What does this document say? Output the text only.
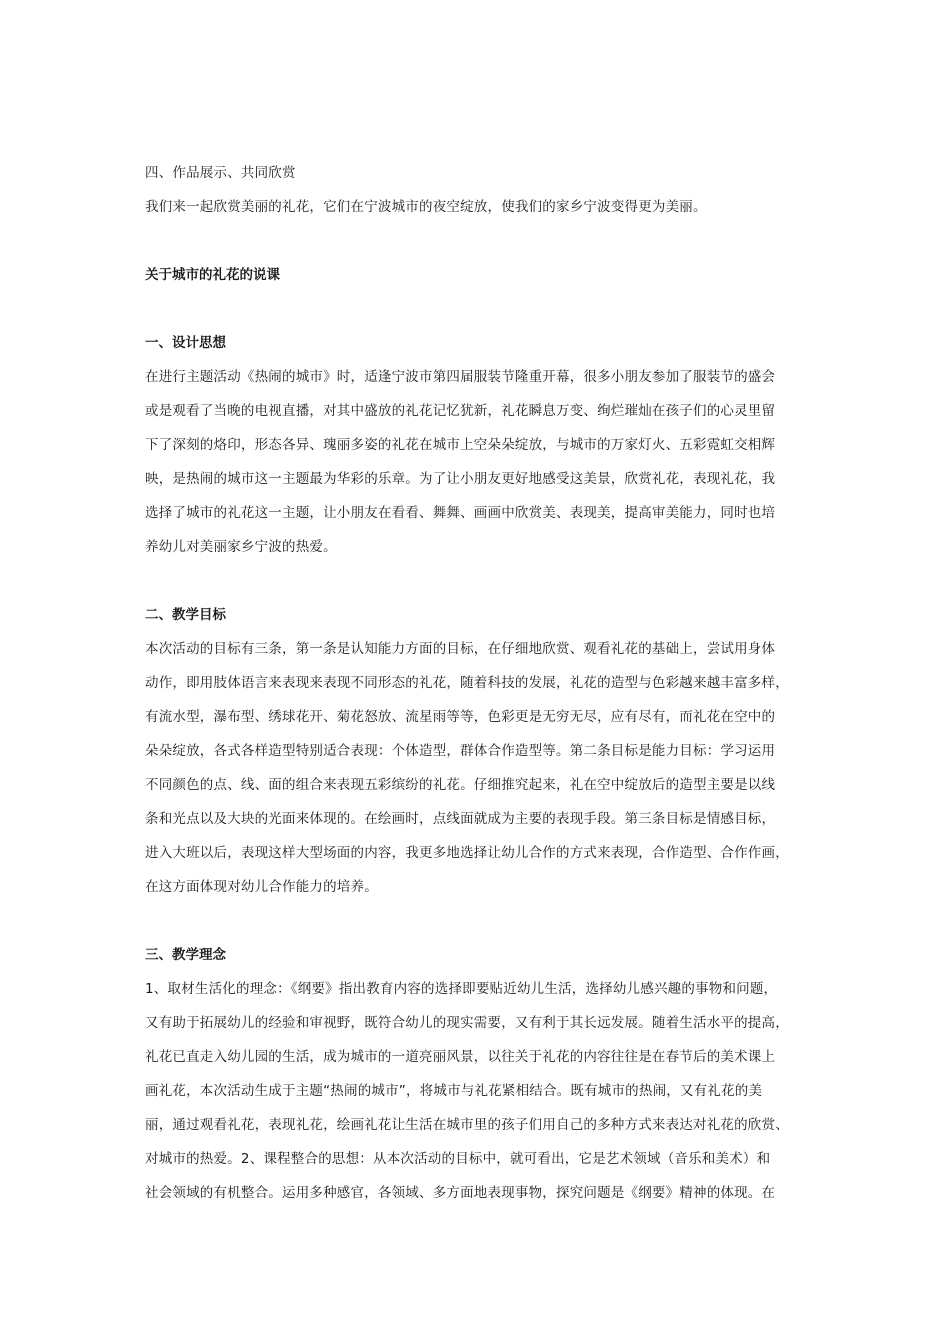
四、作品展示、共同欣赏
我们来一起欣赏美丽的礼花，它们在宁波城市的夜空绽放，使我们的家乡宁波变得更为美丽。
关于城市的礼花的说课
一、设计思想
在进行主题活动《热闹的城市》时，适逢宁波市第四届服装节隆重开幕，很多小朋友参加了服装节的盛会
或是观看了当晚的电视直播，对其中盛放的礼花记忆犹新，礼花瞬息万变、绚烂璀灿在孩子们的心灵里留
下了深刻的烙印，形态各异、瑰丽多姿的礼花在城市上空朵朵绽放，与城市的万家灯火、五彩霓虹交相辉
映，是热闹的城市这一主题最为华彩的乐章。为了让小朋友更好地感受这美景，欣赏礼花，表现礼花，我
选择了城市的礼花这一主题，让小朋友在看看、舞舞、画画中欣赏美、表现美，提高审美能力，同时也培
养幼儿对美丽家乡宁波的热爱。
二、教学目标
本次活动的目标有三条，第一条是认知能力方面的目标，在仔细地欣赏、观看礼花的基础上，尝试用身体
动作，即用肢体语言来表现来表现不同形态的礼花，随着科技的发展，礼花的造型与色彩越来越丰富多样，
有流水型，瀑布型、绣球花开、菊花怒放、流星雨等等，色彩更是无穷无尽，应有尽有，而礼花在空中的
朵朵绽放，各式各样造型特别适合表现：个体造型，群体合作造型等。第二条目标是能力目标：学习运用
不同颜色的点、线、面的组合来表现五彩缤纷的礼花。仔细推究起来，礼在空中绽放后的造型主要是以线
条和光点以及大块的光面来体现的。在绘画时，点线面就成为主要的表现手段。第三条目标是情感目标，
进入大班以后，表现这样大型场面的内容，我更多地选择让幼儿合作的方式来表现，合作造型、合作作画，
在这方面体现对幼儿合作能力的培养。
三、教学理念
1、取材生活化的理念：《纲要》指出教育内容的选择即要贴近幼儿生活，选择幼儿感兴趣的事物和问题，
又有助于拓展幼儿的经验和审视野，既符合幼儿的现实需要，又有利于其长远发展。随着生活水平的提高，
礼花已直走入幼儿园的生活，成为城市的一道亮丽风景，以往关于礼花的内容往往是在春节后的美术课上
画礼花，本次活动生成于主题“热闹的城市”，将城市与礼花紧相结合。既有城市的热闹，又有礼花的美
丽，通过观看礼花，表现礼花，绘画礼花让生活在城市里的孩子们用自己的多种方式来表达对礼花的欣赏、
对城市的热爱。2、课程整合的思想：从本次活动的目标中，就可看出，它是艺术领域（音乐和美术）和
社会领域的有机整合。运用多种感官，各领域、多方面地表现事物，探究问题是《纲要》精神的体现。在
